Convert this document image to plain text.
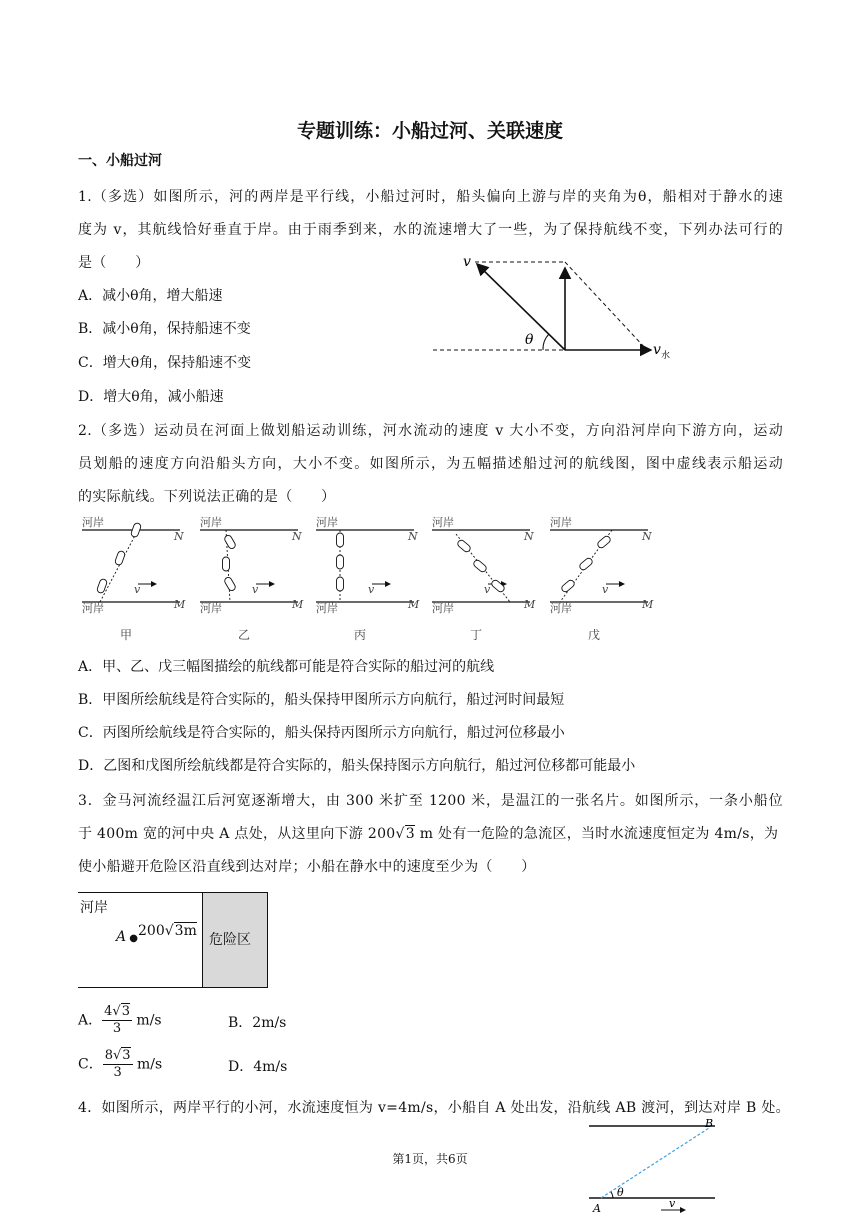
专题训练：小船过河、关联速度
一、小船过河
1.（多选）如图所示，河的两岸是平行线，小船过河时，船头偏向上游与岸的夹角为θ，船相对于静水的速
度为 v，其航线恰好垂直于岸。由于雨季到来，水的流速增大了一些，为了保持航线不变，下列办法可行的
是（　　）
A．减小θ角，增大船速
B．减小θ角，保持船速不变
C．增大θ角，保持船速不变
D．增大θ角，减小船速
v
θ
v 水
2.（多选）运动员在河面上做划船运动训练，河水流动的速度 v 大小不变，方向沿河岸向下游方向，运动
员划船的速度方向沿船头方向，大小不变。如图所示，为五幅描述船过河的航线图，图中虚线表示船运动
的实际航线。下列说法正确的是（　　）
河岸
河岸
N
M
v
甲
河岸
河岸
N
M
v
乙
河岸
河岸
N
M
v
丙
河岸
河岸
N
M
v
丁
河岸
河岸
N
M
v
戊
A．甲、乙、戊三幅图描绘的航线都可能是符合实际的船过河的航线
B．甲图所绘航线是符合实际的，船头保持甲图所示方向航行，船过河时间最短
C．丙图所绘航线是符合实际的，船头保持丙图所示方向航行，船过河位移最小
D．乙图和戊图所绘航线都是符合实际的，船头保持图示方向航行，船过河位移都可能最小
3．金马河流经温江后河宽逐渐增大，由 300 米扩至 1200 米，是温江的一张名片。如图所示，一条小船位
于 400m 宽的河中央 A 点处，从这里向下游 200√3 m 处有一危险的急流区，当时水流速度恒定为 4m/s，为
使小船避开危险区沿直线到达对岸；小船在静水中的速度至少为（　　）
河岸
A ● 200√3m
危险区
A． $\frac{4√3}{3} m/s$	B．2m/s
C． $\frac{8√3}{3} m/s$	D．4m/s
4．如图所示，两岸平行的小河，水流速度恒为 v=4m/s，小船自 A 处出发，沿航线 AB 渡河，到达对岸 B 处。
B
A
θ
v
第1页，共6页
